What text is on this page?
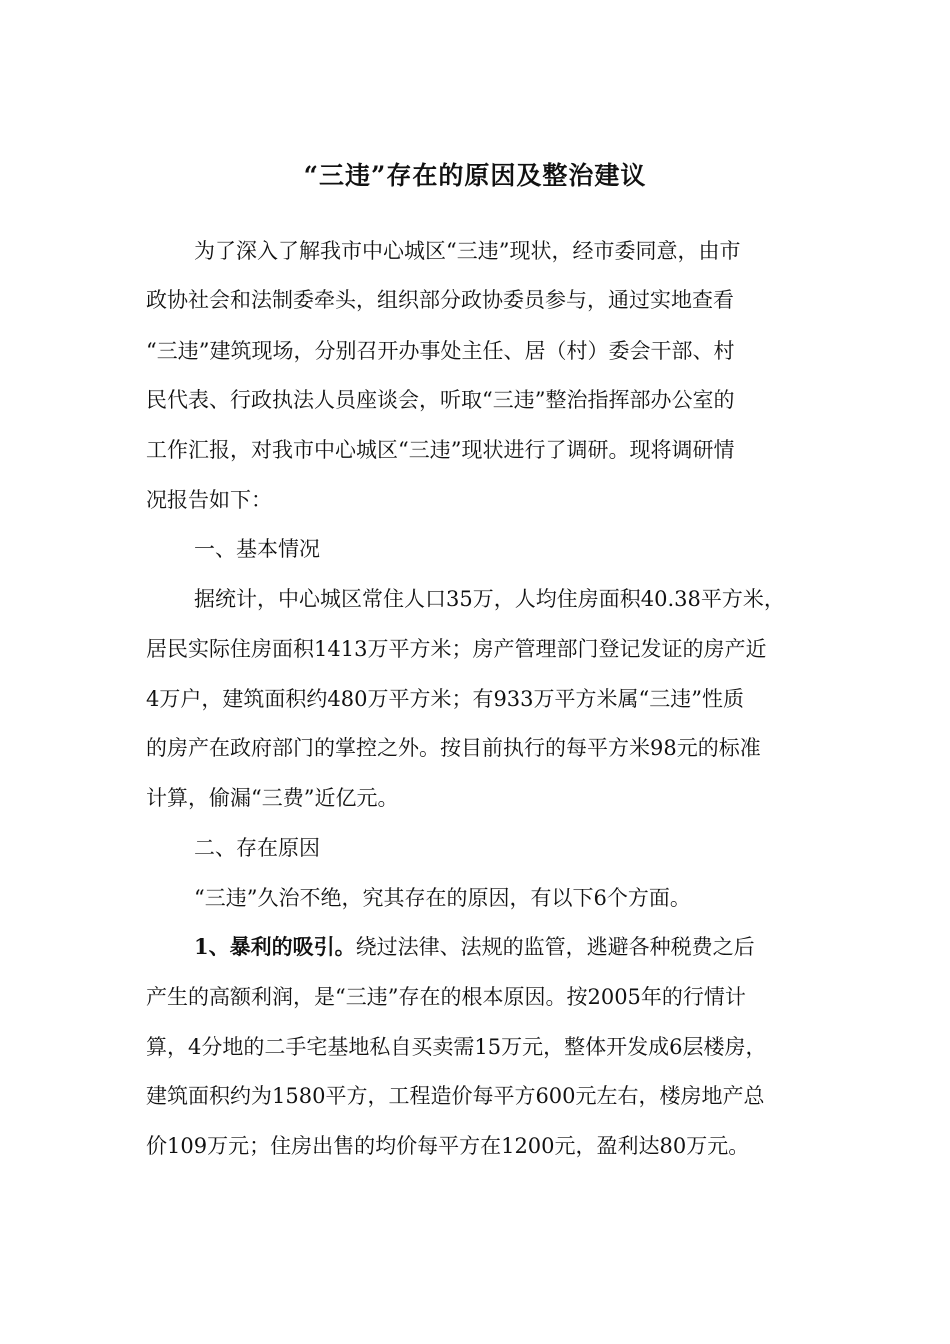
“三违”存在的原因及整治建议
为了深入了解我市中心城区“三违”现状，经市委同意，由市
政协社会和法制委牵头，组织部分政协委员参与，通过实地查看
“三违”建筑现场，分别召开办事处主任、居（村）委会干部、村
民代表、行政执法人员座谈会，听取“三违”整治指挥部办公室的
工作汇报，对我市中心城区“三违”现状进行了调研。现将调研情
况报告如下：
一、基本情况
据统计，中心城区常住人口35万，人均住房面积40.38平方米，
居民实际住房面积1413万平方米；房产管理部门登记发证的房产近
4万户，建筑面积约480万平方米；有933万平方米属“三违”性质
的房产在政府部门的掌控之外。按目前执行的每平方米98元的标准
计算，偷漏“三费”近亿元。
二、存在原因
“三违”久治不绝，究其存在的原因，有以下6个方面。
1、暴利的吸引。绕过法律、法规的监管，逃避各种税费之后
产生的高额利润，是“三违”存在的根本原因。按2005年的行情计
算，4分地的二手宅基地私自买卖需15万元，整体开发成6层楼房，
建筑面积约为1580平方，工程造价每平方600元左右，楼房地产总
价109万元；住房出售的均价每平方在1200元，盈利达80万元。
